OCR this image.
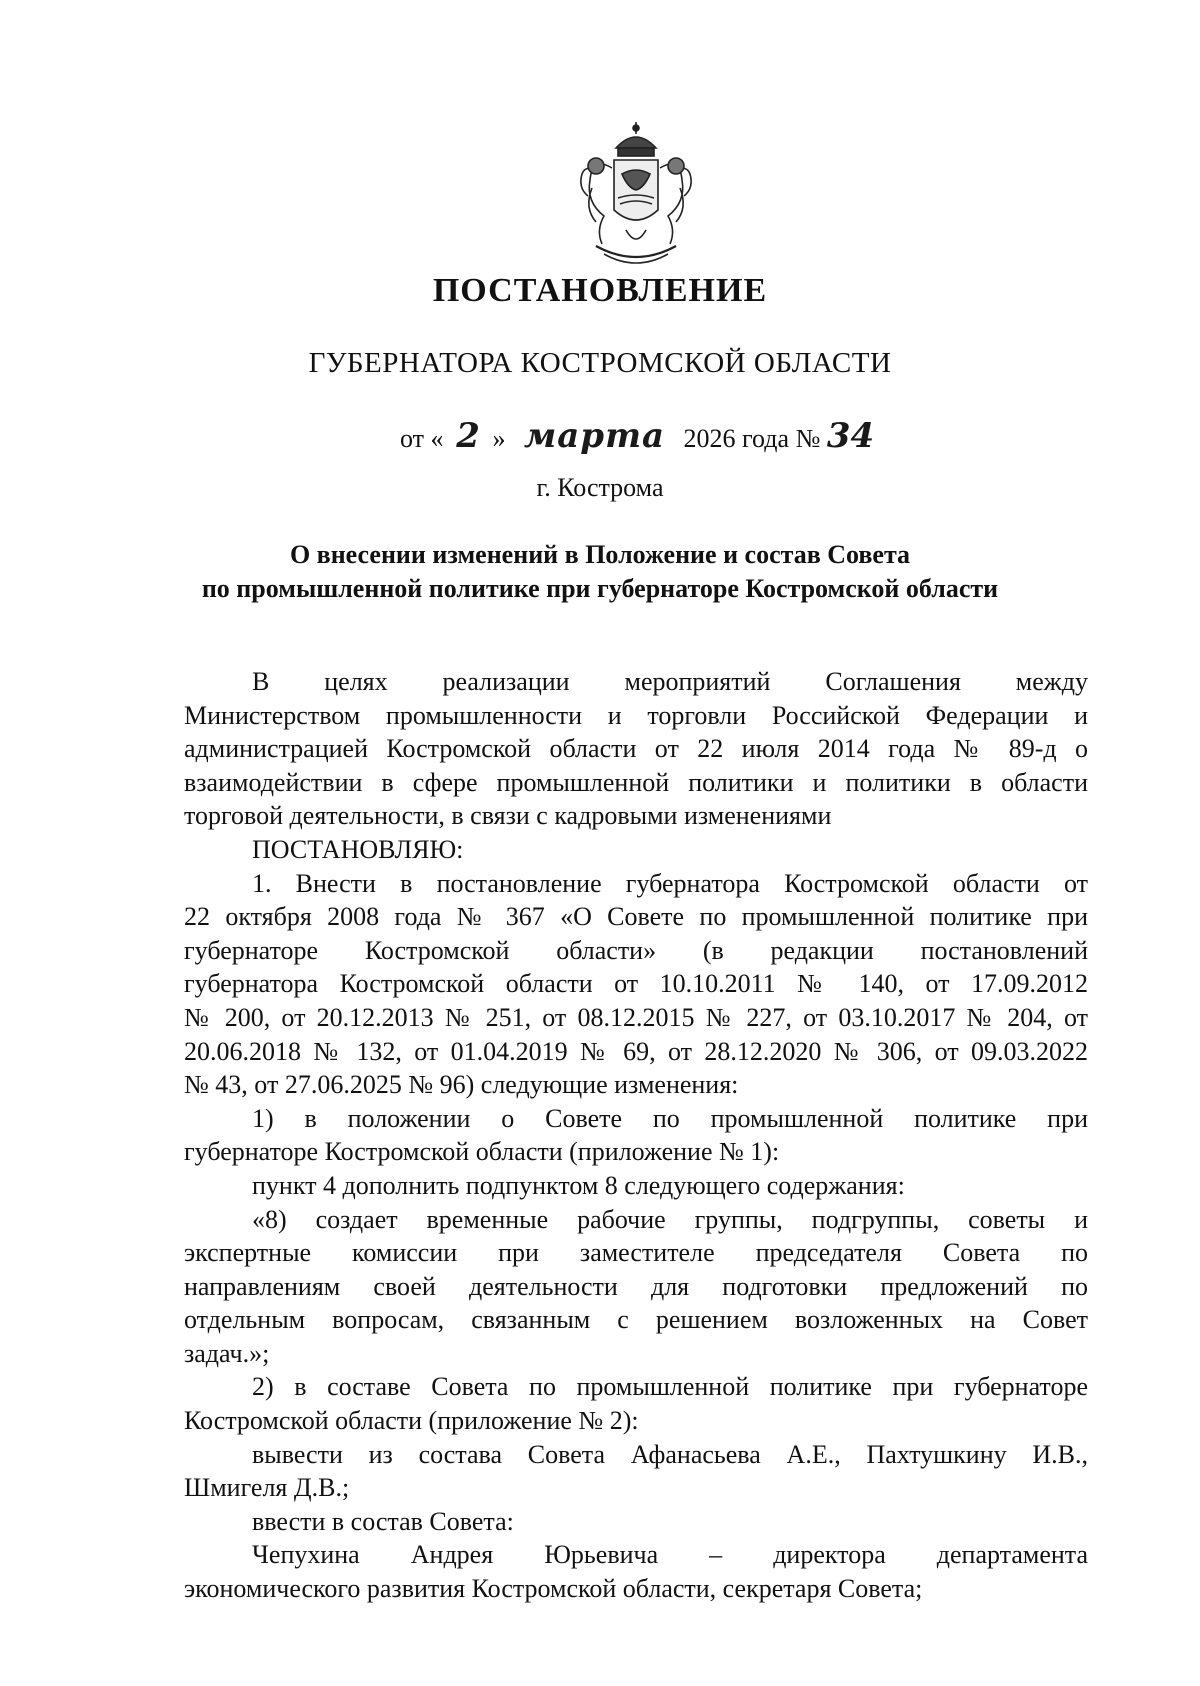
ПОСТАНОВЛЕНИЕ
ГУБЕРНАТОРА КОСТРОМСКОЙ ОБЛАСТИ
от « 2 » марта 2026 года № 34
г. Кострома
О внесении изменений в Положение и состав Совета
по промышленной политике при губернаторе Костромской области
В целях реализации мероприятий Соглашения между
Министерством промышленности и торговли Российской Федерации и
администрацией Костромской области от 22 июля 2014 года № 89-д о
взаимодействии в сфере промышленной политики и политики в области
торговой деятельности, в связи с кадровыми изменениями
ПОСТАНОВЛЯЮ:
1. Внести в постановление губернатора Костромской области от
22 октября 2008 года № 367 «О Совете по промышленной политике при
губернаторе Костромской области» (в редакции постановлений
губернатора Костромской области от 10.10.2011 № 140, от 17.09.2012
№ 200, от 20.12.2013 № 251, от 08.12.2015 № 227, от 03.10.2017 № 204, от
20.06.2018 № 132, от 01.04.2019 № 69, от 28.12.2020 № 306, от 09.03.2022
№ 43, от 27.06.2025 № 96) следующие изменения:
1) в положении о Совете по промышленной политике при
губернаторе Костромской области (приложение № 1):
пункт 4 дополнить подпунктом 8 следующего содержания:
«8) создает временные рабочие группы, подгруппы, советы и
экспертные комиссии при заместителе председателя Совета по
направлениям своей деятельности для подготовки предложений по
отдельным вопросам, связанным с решением возложенных на Совет
задач.»;
2) в составе Совета по промышленной политике при губернаторе
Костромской области (приложение № 2):
вывести из состава Совета Афанасьева А.Е., Пахтушкину И.В.,
Шмигеля Д.В.;
ввести в состав Совета:
Чепухина Андрея Юрьевича – директора департамента
экономического развития Костромской области, секретаря Совета;
